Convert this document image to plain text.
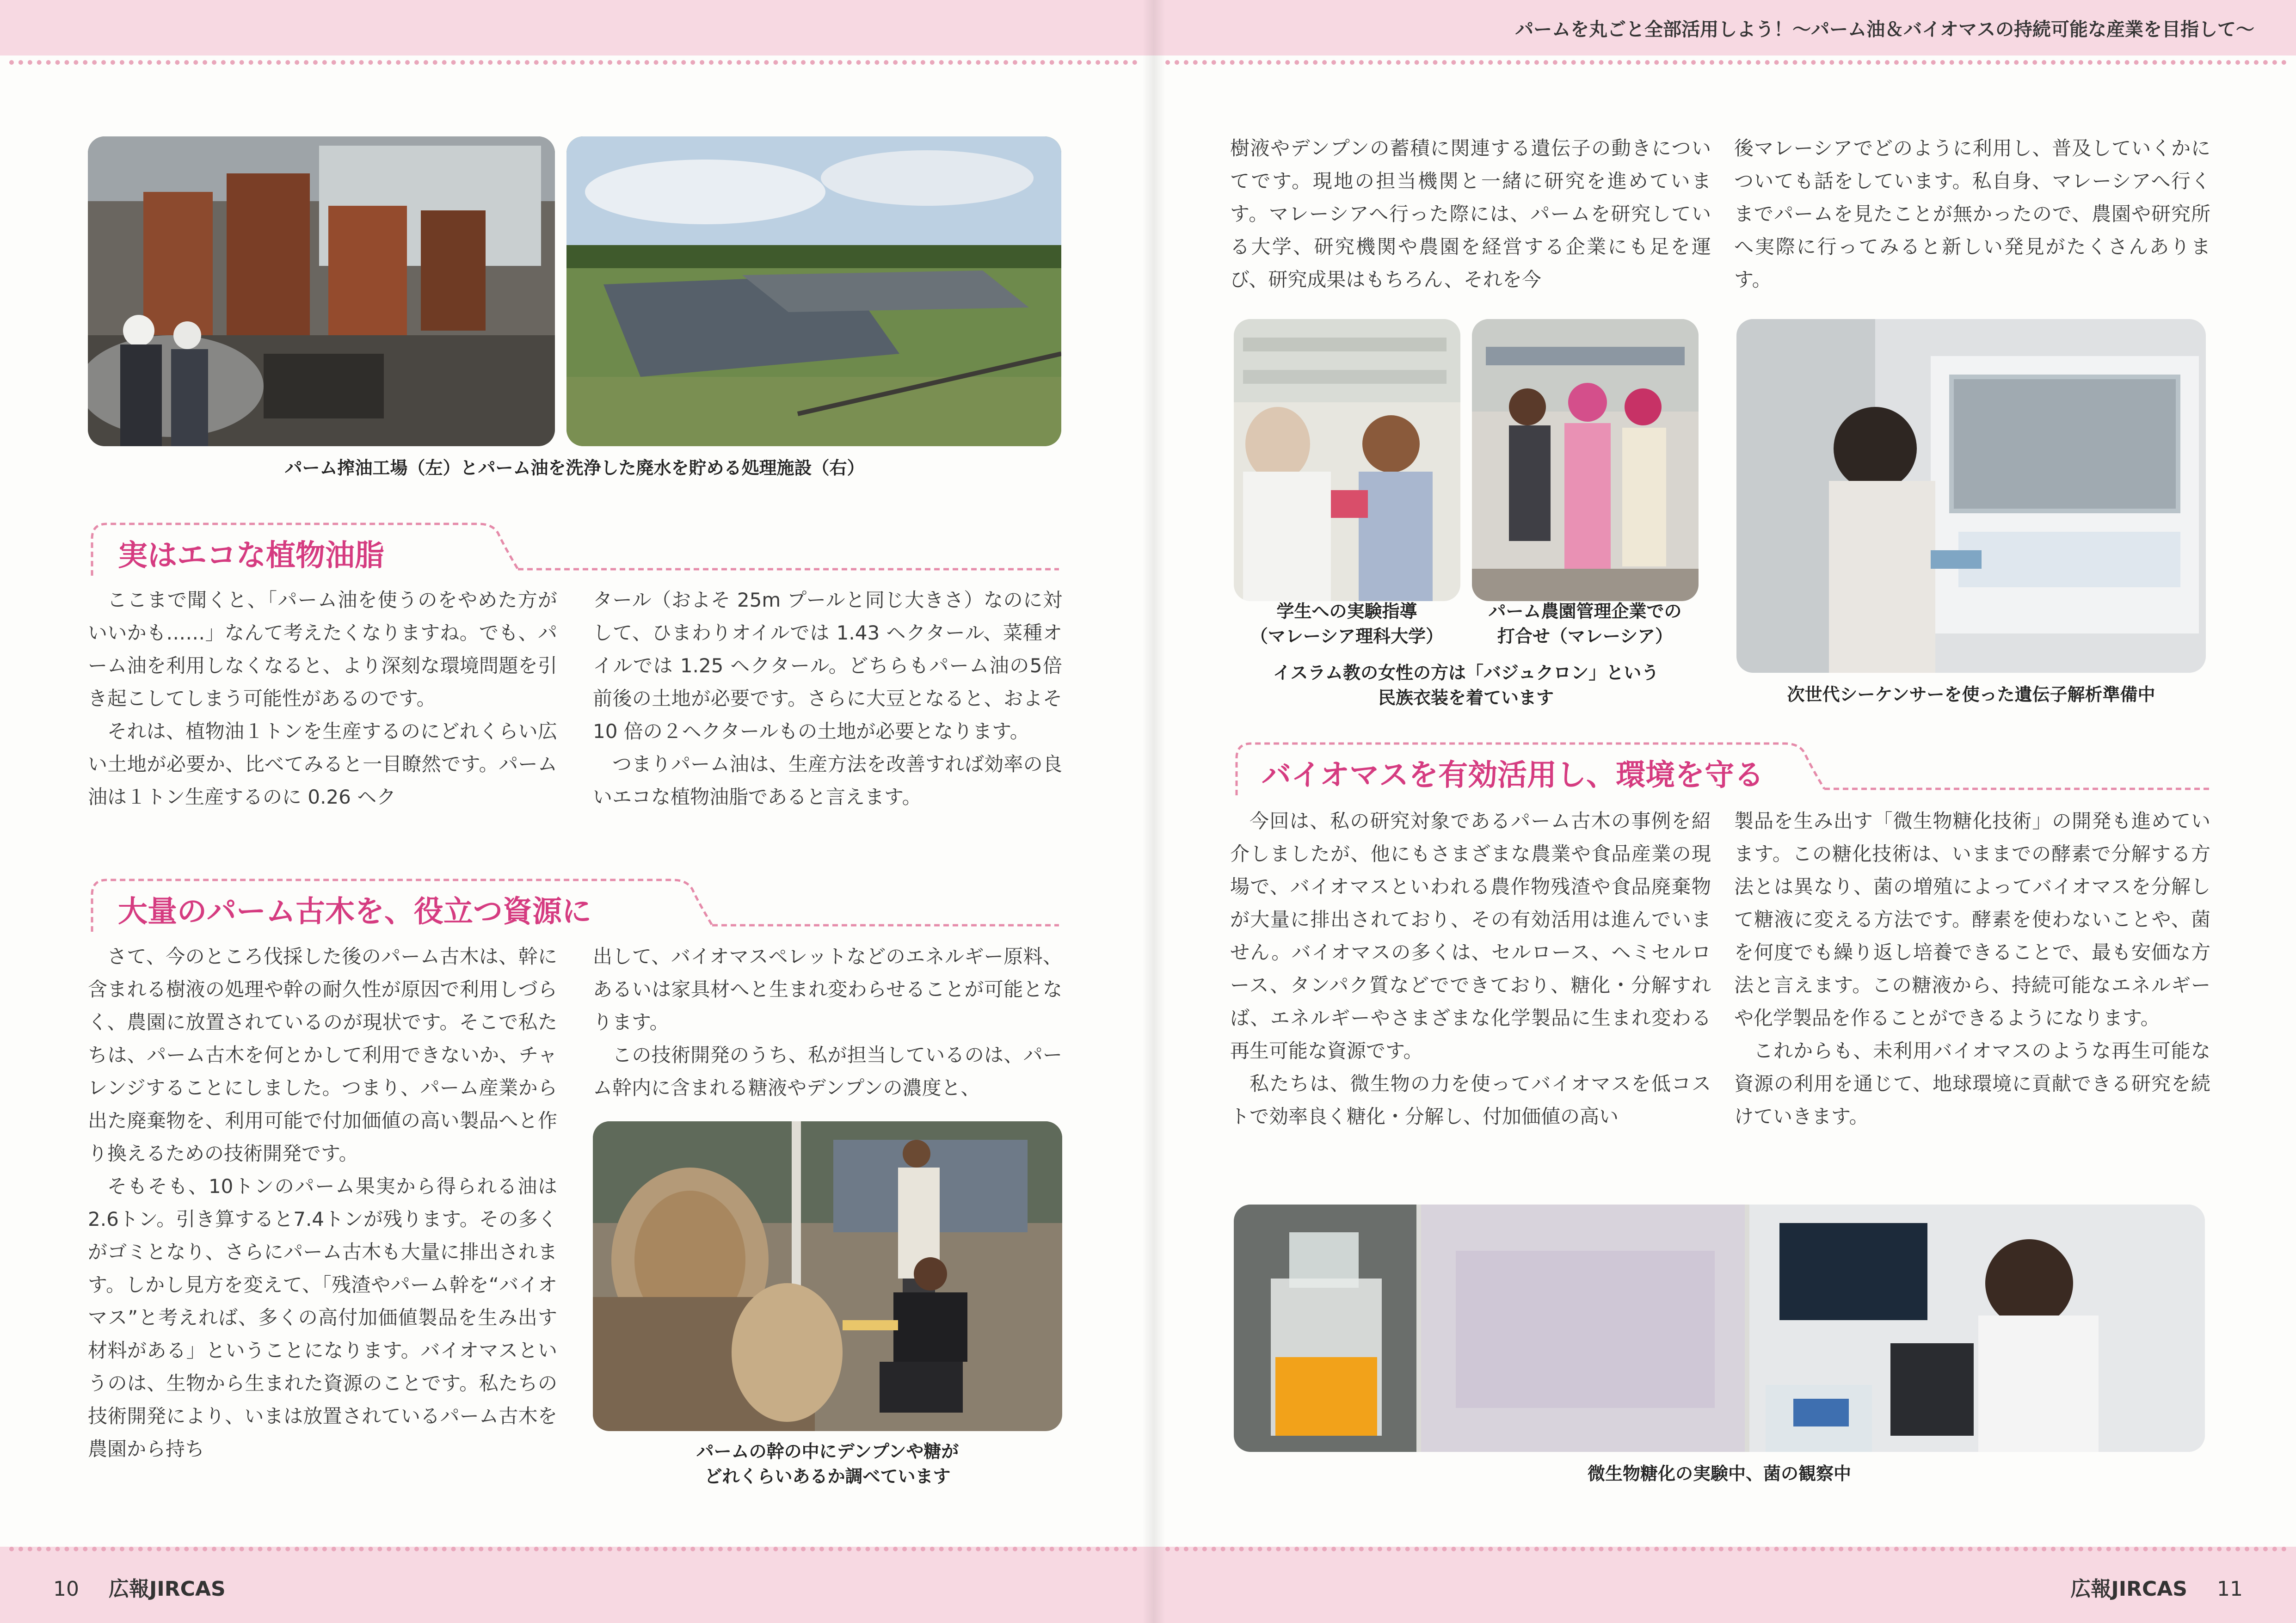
パームを丸ごと全部活用しよう！〜パーム油＆バイオマスの持続可能な産業を目指して〜
10 広報JIRCAS	広報JIRCAS 11
パーム搾油工場（左）とパーム油を洗浄した廃水を貯める処理施設（右）
実はエコな植物油脂

ここまで聞くと、「パーム油を使うのをやめた方がいいかも……」なんて考えたくなりますね。でも、パーム油を利用しなくなると、より深刻な環境問題を引き起こしてしまう可能性があるのです。

それは、植物油１トンを生産するのにどれくらい広い土地が必要か、比べてみると一目瞭然です。パーム油は１トン生産するのに 0.26 ヘク

タール（およそ 25m プールと同じ大きさ）なのに対して、ひまわりオイルでは 1.43 ヘクタール、菜種オイルでは 1.25 ヘクタール。どちらもパーム油の5倍前後の土地が必要です。さらに大豆となると、およそ 10 倍の２ヘクタールもの土地が必要となります。

つまりパーム油は、生産方法を改善すれば効率の良いエコな植物油脂であると言えます。

大量のパーム古木を、役立つ資源に

さて、今のところ伐採した後のパーム古木は、幹に含まれる樹液の処理や幹の耐久性が原因で利用しづらく、農園に放置されているのが現状です。そこで私たちは、パーム古木を何とかして利用できないか、チャレンジすることにしました。つまり、パーム産業から出た廃棄物を、利用可能で付加価値の高い製品へと作り換えるための技術開発です。

そもそも、10トンのパーム果実から得られる油は2.6トン。引き算すると7.4トンが残ります。その多くがゴミとなり、さらにパーム古木も大量に排出されます。しかし見方を変えて、「残渣やパーム幹を“バイオマス”と考えれば、多くの高付加価値製品を生み出す材料がある」ということになります。バイオマスというのは、生物から生まれた資源のことです。私たちの技術開発により、いまは放置されているパーム古木を農園から持ち

出して、バイオマスペレットなどのエネルギー原料、あるいは家具材へと生まれ変わらせることが可能となります。

この技術開発のうち、私が担当しているのは、パーム幹内に含まれる糖液やデンプンの濃度と、

パームの幹の中にデンプンや糖が
どれくらいあるか調べています

樹液やデンプンの蓄積に関連する遺伝子の動きについてです。現地の担当機関と一緒に研究を進めています。マレーシアへ行った際には、パームを研究している大学、研究機関や農園を経営する企業にも足を運び、研究成果はもちろん、それを今

後マレーシアでどのように利用し、普及していくかについても話をしています。私自身、マレーシアへ行くまでパームを見たことが無かったので、農園や研究所へ実際に行ってみると新しい発見がたくさんあります。

学生への実験指導
（マレーシア理科大学）
パーム農園管理企業での
打合せ（マレーシア）
イスラム教の女性の方は「バジュクロン」という
民族衣装を着ています	次世代シーケンサーを使った遺伝子解析準備中
バイオマスを有効活用し、環境を守る

今回は、私の研究対象であるパーム古木の事例を紹介しましたが、他にもさまざまな農業や食品産業の現場で、バイオマスといわれる農作物残渣や食品廃棄物が大量に排出されており、その有効活用は進んでいません。バイオマスの多くは、セルロース、ヘミセルロース、タンパク質などでできており、糖化・分解すれば、エネルギーやさまざまな化学製品に生まれ変わる再生可能な資源です。

私たちは、微生物の力を使ってバイオマスを低コストで効率良く糖化・分解し、付加価値の高い

製品を生み出す「微生物糖化技術」の開発も進めています。この糖化技術は、いままでの酵素で分解する方法とは異なり、菌の増殖によってバイオマスを分解して糖液に変える方法です。酵素を使わないことや、菌を何度でも繰り返し培養できることで、最も安価な方法と言えます。この糖液から、持続可能なエネルギーや化学製品を作ることができるようになります。

これからも、未利用バイオマスのような再生可能な資源の利用を通じて、地球環境に貢献できる研究を続けていきます。

微生物糖化の実験中、菌の観察中
